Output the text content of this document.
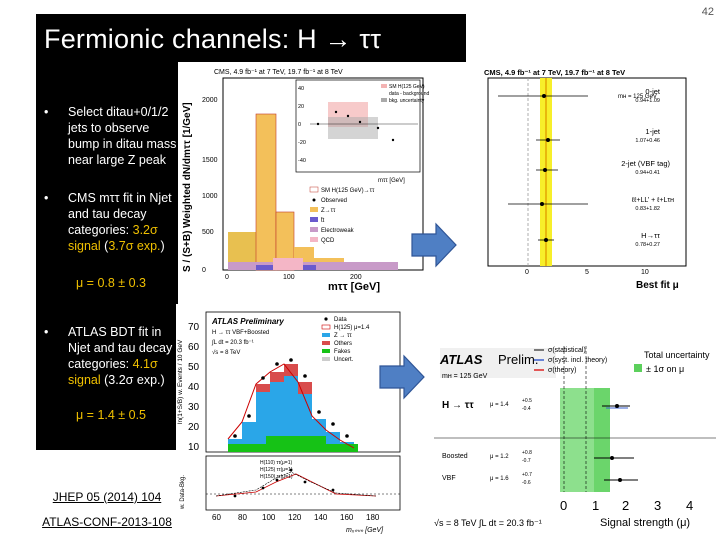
42
Fermionic channels: H → ττ
• Select ditau+0/1/2 jets to observe bump in ditau mass near large Z peak
• CMS mττ fit in Njet and tau decay categories: 3.2σ signal (3.7σ exp.)
μ = 0.8 ± 0.3
• ATLAS BDT fit in Njet and tau decay categories: 4.1σ signal (3.2σ exp.)
μ = 1.4 ± 0.5
JHEP 05 (2014) 104
ATLAS-CONF-2013-108
CMS, 4.9 fb⁻¹ at 7 TeV, 19.7 fb⁻¹ at 8 TeV
S / (S+B) Weighted dN/dmττ [1/GeV] 0
500
1000
1500
2000
40
20
0
-20
-40
SM H(125 GeV)
data - background
bkg. uncertainty
mττ [GeV]
SM H(125 GeV)→ττ
Observed
Z→ττ
t̄t
Electroweak
QCD
0	100	200
mττ [GeV]
CMS, 4.9 fb⁻¹ at 7 TeV, 19.7 fb⁻¹ at 8 TeV
mʜ = 125 GeV
0-jet
0.94+1.09
1-jet
1.07+0.46
2-jet (VBF tag)
0.94+0.41
ℓℓ+LL’ + ℓ+Lτʜ
0.83+1.82
H→ττ
0.78+0.27
0	5	10
Best fit μ
ln(1+S/B) w. Events / 10 GeV
70
60
50
40
30
20
10
ATLAS Preliminary
H → ττ VBF+Boosted
∫L dt = 20.3 fb⁻¹
√s = 8 TeV
Data
H(125) μ=1.4
Z → ττ
Others
Fakes
Uncert.
w. Data-Bkg.
H(110) ττ(μ=1)
H(125) ττ(μ=1)
H(150) ττ(μ=1)
60 80 100 120 140 160 180
mₓₘₘ [GeV]
ATLAS Prelim.
mʜ = 125 GeV
σ(statistical)
σ(syst. incl. theory)
σ(theory)
Total uncertainty
± 1σ on μ
H → ττ	μ = 1.4
+0.5
-0.4
Boosted	μ = 1.2
+0.8
-0.7
VBF	μ = 1.6
+0.7
-0.6
0 1 2 3 4
√s = 8 TeV ∫L dt = 20.3 fb⁻¹	Signal strength (μ)
